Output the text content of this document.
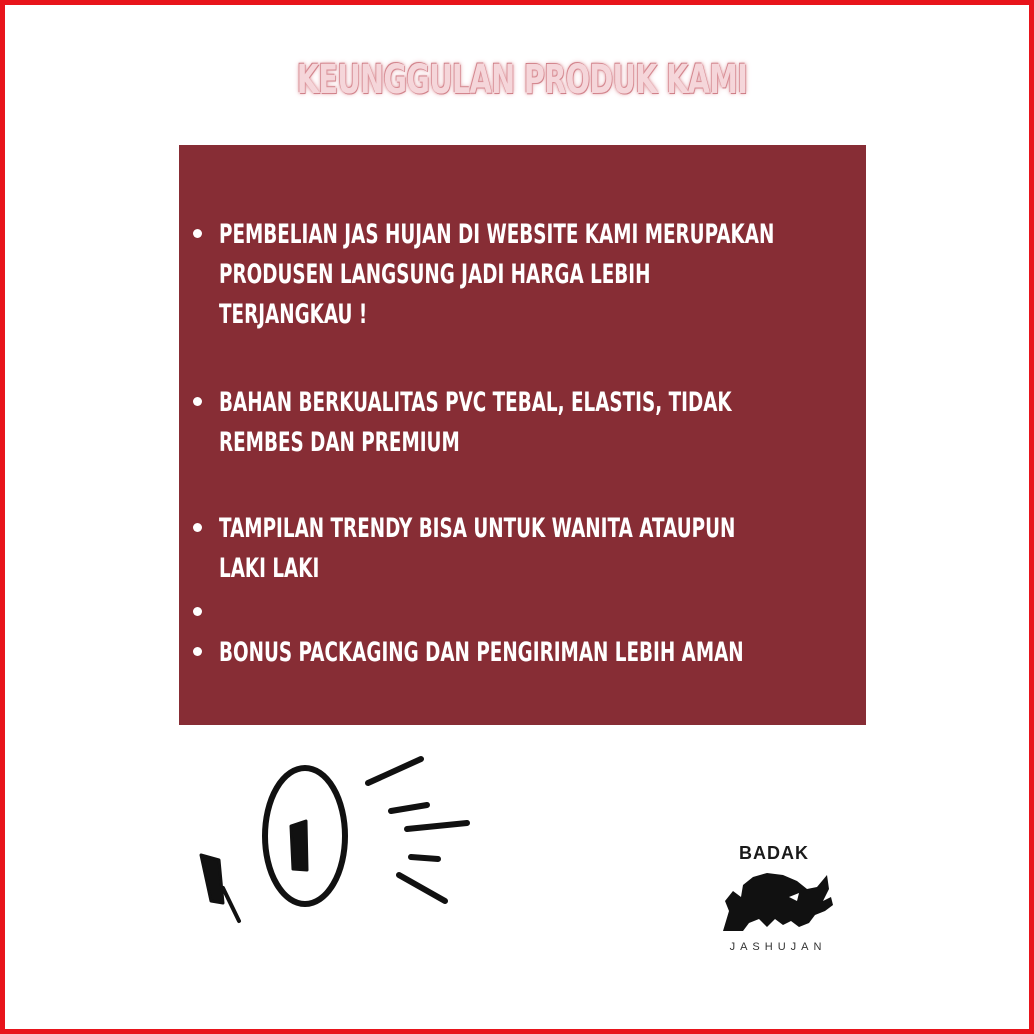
KEUNGGULAN PRODUK KAMI
PEMBELIAN JAS HUJAN DI WEBSITE KAMI MERUPAKAN
PRODUSEN LANGSUNG JADI HARGA LEBIH
TERJANGKAU !
BAHAN BERKUALITAS PVC TEBAL, ELASTIS, TIDAK
REMBES DAN PREMIUM
TAMPILAN TRENDY BISA UNTUK WANITA ATAUPUN
LAKI LAKI
BONUS PACKAGING DAN PENGIRIMAN LEBIH AMAN
BADAK
JASHUJAN
